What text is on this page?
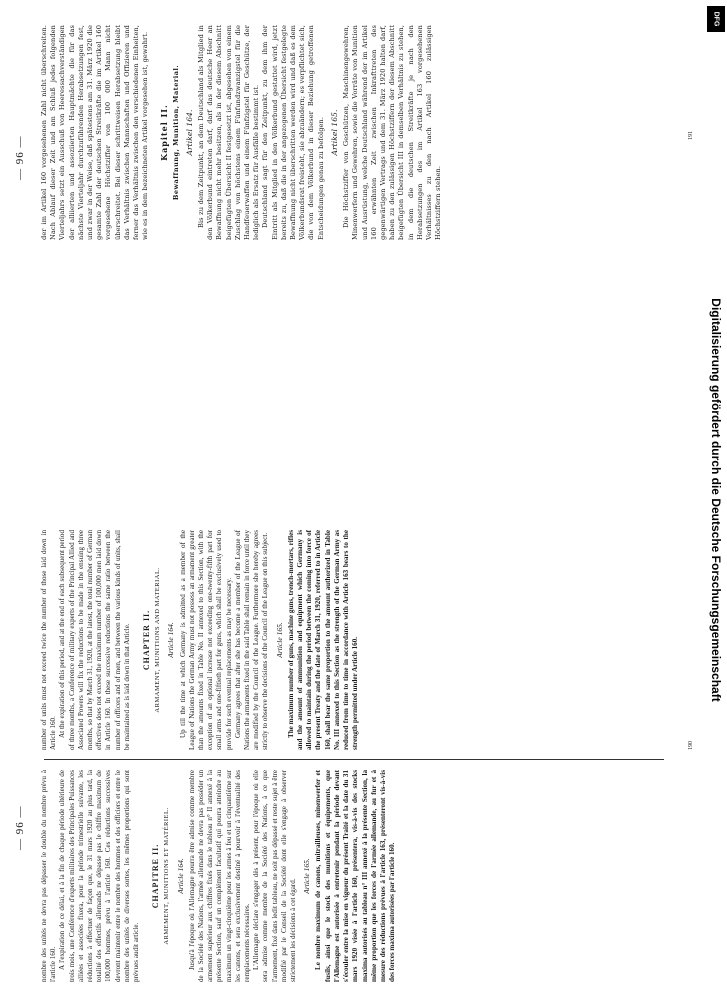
— 96 — nombre des unités ne devra pas dépasser le double du nombre prévu à l'article 160. A l'expiration de ce délai, et à la fin de chaque période ultérieure de trois mois, une Conférence d'experts militaires des Principales Puissances alliées et associées fixera, pour la période trimestrielle suivante, les réductions à effectuer de façon que, le 31 mars 1920 au plus tard, la totalité des effectifs allemands ne dépasse pas le chiffre maximum de 100,000 hommes, prévu à l'article 160. Ces réductions successives devront maintenir entre le nombre des hommes et des officiers et entre le nombre des unités de diverses sortes, les mêmes proportions qui sont prévues audit article.

CHAPITRE II. ARMEMENT, MUNITIONS ET MATÉRIEL. Article 164. Jusqu'à l'époque où l'Allemagne pourra être admise comme membre de la Société des Nations, l'armée allemande ne devra pas posséder un armement supérieur aux chiffres fixés dans le tableau n° II annexé à la présente Section, sauf un complément facultatif qui pourra atteindre au maximum un vingt-cinquième pour les armes à feu et un cinquantième sur les canons, et sera exclusivement destiné à pourvoir à l'éventualité des remplacements nécessaires. L'Allemagne déclare s'engager dès à présent, pour l'époque où elle sera admise comme membre de la Société des Nations, à ce que l'armement, fixé dans ledit tableau, ne soit pas dépassé et reste sujet à être modifié par le Conseil de la Société dont elle s'engage à observer strictement les décisions à cet égard.

Article 165. Le nombre maximum de canons, mitrailleuses, minenwerfer et fusils, ainsi que le stock des munitions et équipements, que l'Allemagne est autorisée à entretenir pendant la période devant s'écouler entre la mise en vigueur du présent Traité et la date du 31 mars 1920 visée à l'article 160, présentera, vis-à-vis des stocks maxima autorisés au tableau n° III annexé à la présente Section, la même proportion que les forces de l'armée allemande, au fur et à mesure des réductions prévues à l'article 163, présenteront vis-à-vis des forces maxima autorisées par l'article 160.

number of units must not exceed twice the number of those laid down in Article 160. At the expiration of this period, and at the end of each subsequent period of three months, a Conference of military experts of the Principal Allied and Associated Powers will fix the reductions to be made in the ensuing three months, so that by March 31, 1920, at the latest, the total number of German effectives does not exceed the maximum number of 100,000 men laid down in Article 160. In these successive reductions the same ratio between the number of officers and of men, and between the various kinds of units, shall be maintained as is laid down in that Article. CHAPTER II. ARMAMENT, MUNITIONS AND MATERIAL. Article 164. Up till the time at which Germany is admitted as a member of the League of Nations the German Army must not possess an armament greater than the amounts fixed in Table No. II annexed to this Section, with the exception of an optional increase not exceeding one-twenty-fifth part for small arms and one-fiftieth part for guns, which shall be exclusively used to provide for such eventual replacements as may be necessary. Germany agrees that after she has become a member of the League of Nations the armaments fixed in the said Table shall remain in force until they are modified by the Council of the League. Furthermore she hereby agrees strictly to observe the decisions of the Council of the League on this subject. Article 165. The maximum number of guns, machine guns, trench-mortars, rifles and the amount of ammunition and equipment which Germany is allowed to maintain during the period between the coming into force of the present Treaty and the date of March 31, 1920, referred to in Article 160, shall bear the same proportion to the amount authorized in Table No. III annexed to this Section as the strength of the German Army as reduced from time to time in accordance with Article 163 bears to the strength permitted under Article 160.	190
— 96 — der im Artikel 160 vorgesehenen Zahl nicht überschreiten. Nach Ablauf dieser Zeit und am Schluß jedes folgenden Vierteljahrs setzt ein Ausschuß von Heeressachverständigen der alliierten und assoziierten Hauptmächte die für das nächste Vierteljahr durchzuführenden Herabsetzungen fest, und zwar in der Weise, daß spätestens am 31. März 1920 die gesamte Zahl der deutschen Streitkräfte die im Artikel 160 vorgesehene Höchstziffer von 100 000 Mann nicht überschreitet. Bei dieser schrittweisen Herabsetzung bleibt das Verhältnis zwischen Mannschaften und Offizieren und ferner das Verhältnis zwischen den verschiedenen Einheiten, wie es in dem bezeichneten Artikel vorgesehen ist, gewahrt. Kapitel II. Bewaffnung, Munition, Material. Artikel 164. Bis zu dem Zeitpunkt, an dem Deutschland als Mitglied in den Völkerbund eintreten darf, darf das deutsche Heer an Bewaffnung nicht mehr besitzen, als in der diesem Abschnitt beigefügten Übersicht II festgesetzt ist, abgesehen von einem Zuschlag von höchstens einem Fünfundzwanzigstel für die Handfeuerwaffen und einem Fünfzigstel für Geschütze, der lediglich als Ersatz für Ausfälle bestimmt ist. Deutschland sagt für den Zeitpunkt, zu dem ihm der Eintritt als Mitglied in den Völkerbund gestattet wird, jetzt bereits zu, daß die in der angezogenen Übersicht festgelegte Bewaffnung nicht überschritten werden wird und daß es dem Völkerbundsrat freisteht, sie abzuändern; es verpflichtet sich, die von dem Völkerbund in dieser Beziehung getroffenen Entscheidungen genau zu befolgen. Artikel 165. Die Höchstziffer von Geschützen, Maschinengewehren, Minenwerfern und Gewehren, sowie die Vorräte von Munition und Ausrüstung, welche Deutschland während der im Artikel 160 erwähnten Zeit zwischen Inkrafttreten des gegenwärtigen Vertrags und dem 31. März 1920 halten darf, haben zu den zulässigen Höchstziffern der diesem Abschnitt beigefügten Übersicht III in demselben Verhältnis zu stehen, in dem die deutschen Streitkräfte je nach den Herabsetzungen des im Artikel 163 vorgesehenen Verhältnisses zu den nach Artikel 160 zulässigen Höchstziffern stehen.

191
DFG
Digitalisierung gefördert durch die Deutsche Forschungsgemeinschaft
